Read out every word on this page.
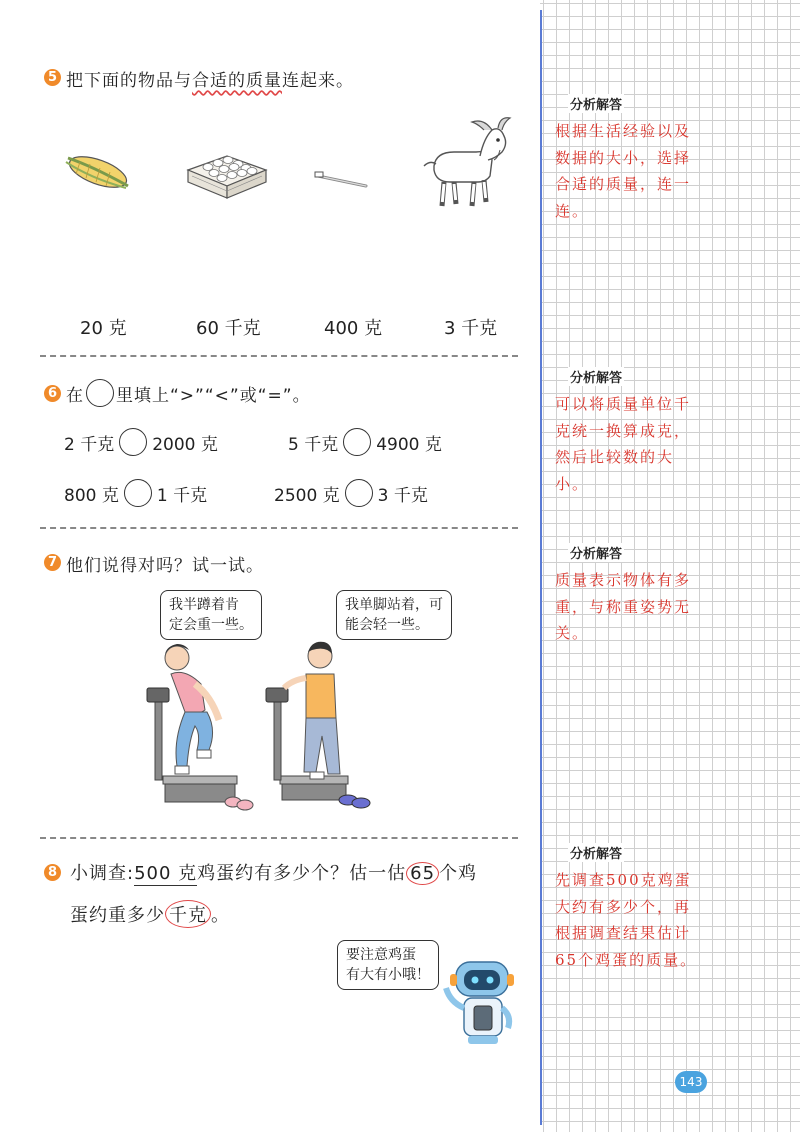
分析解答
根据生活经验以及数据的大小，选择合适的质量，连一连。
分析解答
可以将质量单位千克统一换算成克，然后比较数的大小。
分析解答
质量表示物体有多重，与称重姿势无关。
分析解答
先调查500克鸡蛋大约有多少个，再根据调查结果估计65个鸡蛋的质量。
5 把下面的物品与合适的质量连起来。
20 克	60 千克	400 克	3 千克
6 在 里填上“>”“<”或“=”。
2 千克 2000 克	5 千克 4900 克
800 克 1 千克	2500 克 3 千克
7 他们说得对吗？试一试。
我半蹲着肯
定会重一些。
我单脚站着，可
能会轻一些。
8 小调查:500 克鸡蛋约有多少个？估一估 65 个鸡
蛋约重多少 千克 。
要注意鸡蛋
有大有小哦！
143
